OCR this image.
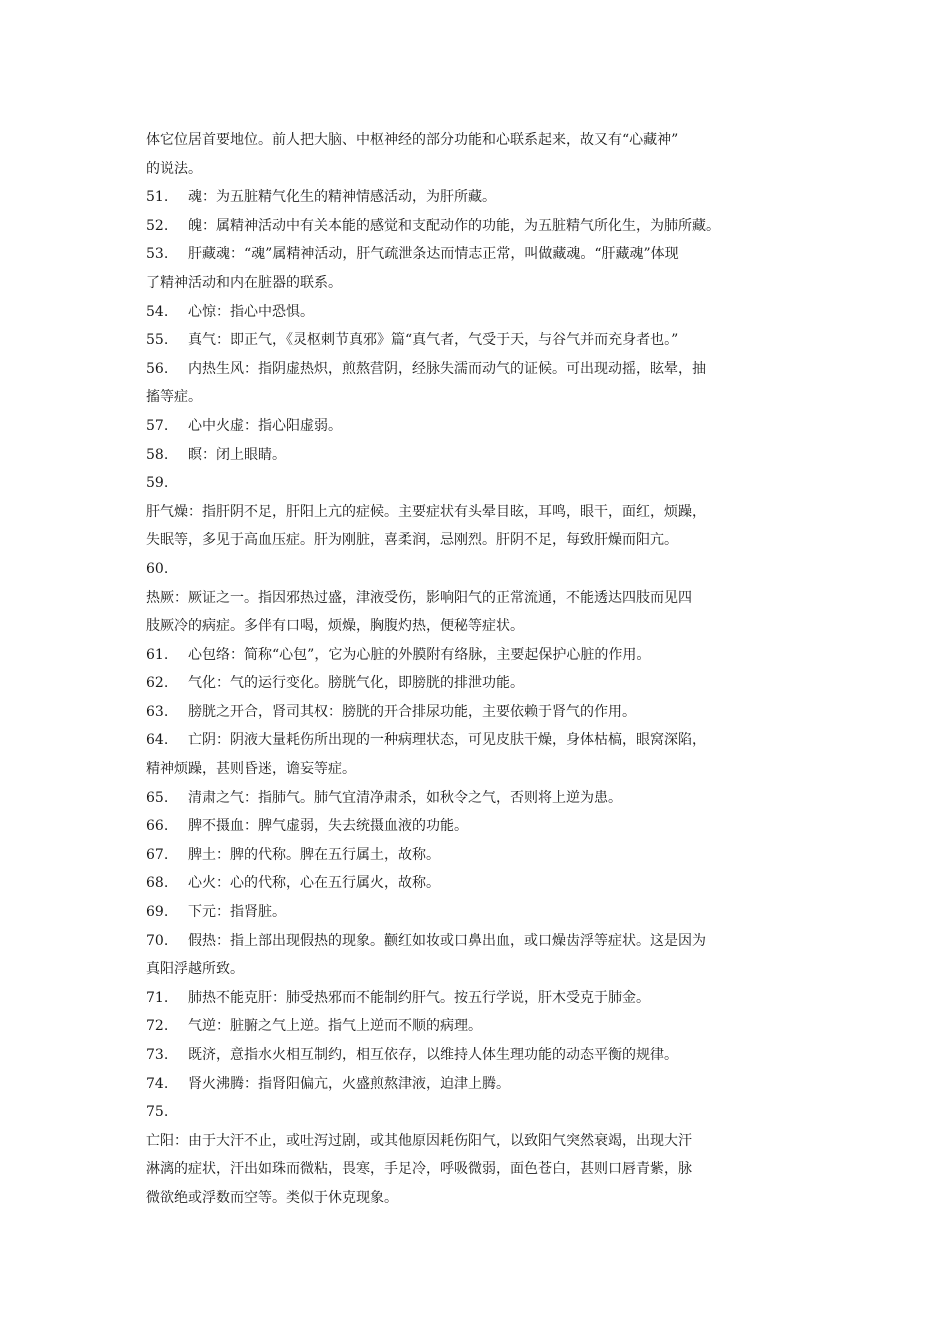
体它位居首要地位。前人把大脑、中枢神经的部分功能和心联系起来，故又有“心藏神”
的说法。
51. 魂：为五脏精气化生的精神情感活动，为肝所藏。
52. 魄：属精神活动中有关本能的感觉和支配动作的功能，为五脏精气所化生，为肺所藏。
53. 肝藏魂：“魂”属精神活动，肝气疏泄条达而情志正常，叫做藏魂。“肝藏魂”体现
了精神活动和内在脏器的联系。
54. 心惊：指心中恐惧。
55. 真气：即正气，《灵枢刺节真邪》篇“真气者，气受于天，与谷气并而充身者也。”
56. 内热生风：指阴虚热炽，煎熬营阴，经脉失濡而动气的证候。可出现动摇，眩晕，抽
搐等症。
57. 心中火虚：指心阳虚弱。
58. 瞑：闭上眼睛。
59.
肝气燥：指肝阴不足，肝阳上亢的症候。主要症状有头晕目眩，耳鸣，眼干，面红，烦躁，
失眠等，多见于高血压症。肝为刚脏，喜柔润，忌刚烈。肝阴不足，每致肝燥而阳亢。
60.
热厥：厥证之一。指因邪热过盛，津液受伤，影响阳气的正常流通，不能透达四肢而见四
肢厥冷的病症。多伴有口喝，烦燥，胸腹灼热，便秘等症状。
61. 心包络：简称“心包”，它为心脏的外膜附有络脉，主要起保护心脏的作用。
62. 气化：气的运行变化。膀胱气化，即膀胱的排泄功能。
63. 膀胱之开合，肾司其权：膀胱的开合排尿功能，主要依赖于肾气的作用。
64. 亡阴：阴液大量耗伤所出现的一种病理状态，可见皮肤干燥，身体枯槁，眼窝深陷，
精神烦躁，甚则昏迷，谵妄等症。
65. 清肃之气：指肺气。肺气宜清净肃杀，如秋令之气，否则将上逆为患。
66. 脾不摄血：脾气虚弱，失去统摄血液的功能。
67. 脾土：脾的代称。脾在五行属土，故称。
68. 心火：心的代称，心在五行属火，故称。
69. 下元：指肾脏。
70. 假热：指上部出现假热的现象。颧红如妆或口鼻出血，或口燥齿浮等症状。这是因为
真阳浮越所致。
71. 肺热不能克肝：肺受热邪而不能制约肝气。按五行学说，肝木受克于肺金。
72. 气逆：脏腑之气上逆。指气上逆而不顺的病理。
73. 既济，意指水火相互制约，相互依存，以维持人体生理功能的动态平衡的规律。
74. 肾火沸腾：指肾阳偏亢，火盛煎熬津液，迫津上腾。
75.
亡阳：由于大汗不止，或吐泻过剧，或其他原因耗伤阳气，以致阳气突然衰竭，出现大汗
淋漓的症状，汗出如珠而微粘，畏寒，手足冷，呼吸微弱，面色苍白，甚则口唇青紫，脉
微欲绝或浮数而空等。类似于休克现象。
